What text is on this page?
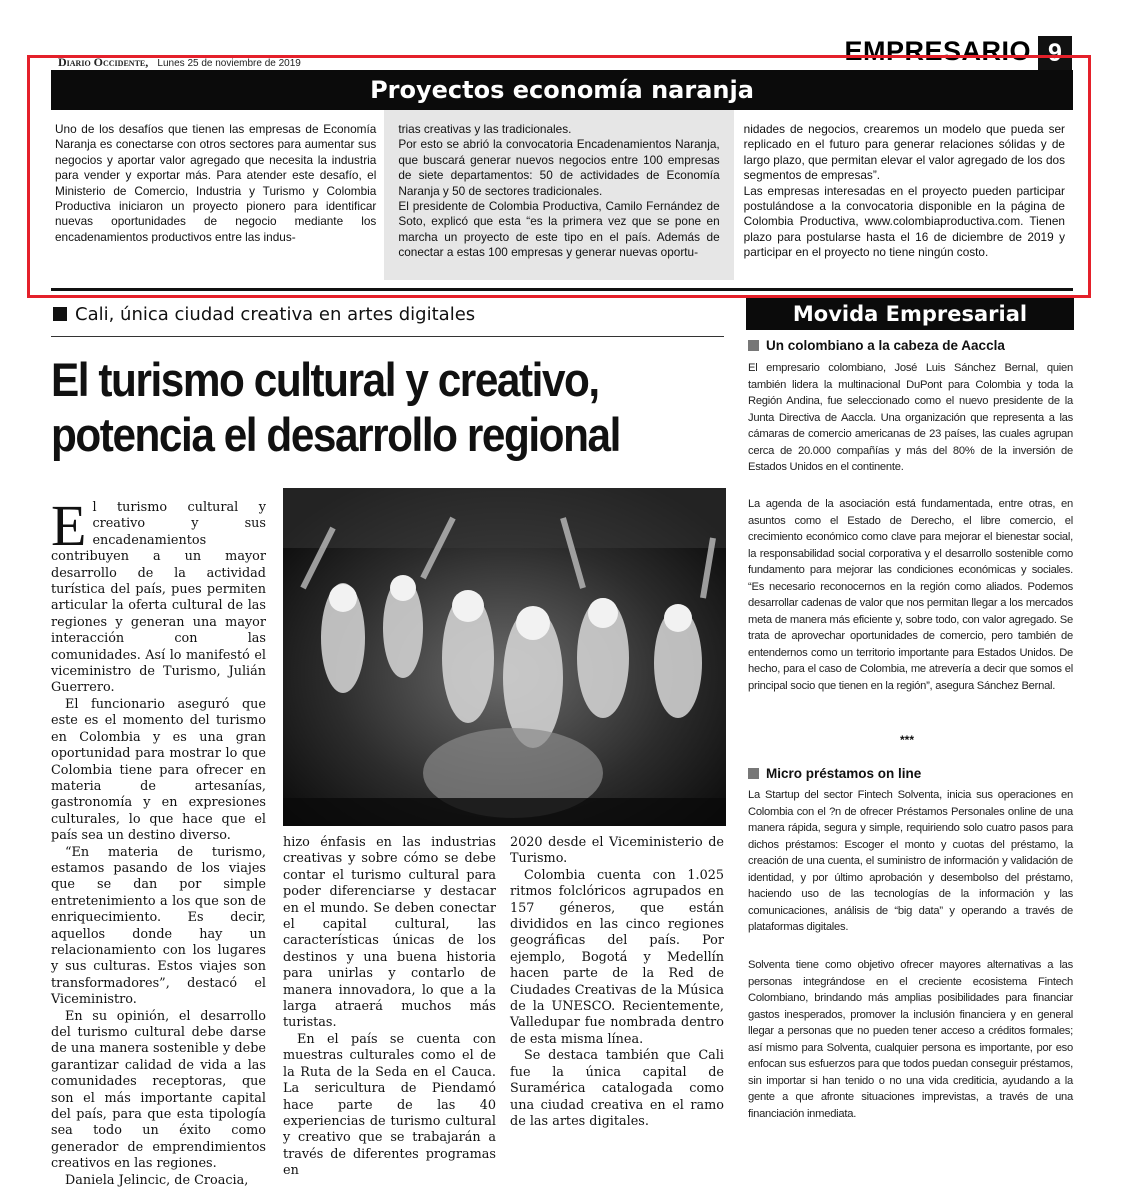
Diario Occidente, Lunes 25 de noviembre de 2019	EMPRESARIO 9
Proyectos economía naranja

Uno de los desafíos que tienen las empresas de Economía Naranja es conectarse con otros sectores para aumentar sus negocios y aportar valor agregado que necesita la industria para vender y exportar más. Para atender este desafío, el Ministerio de Comercio, Industria y Turismo y Colombia Productiva iniciaron un proyecto pionero para identificar nuevas oportunidades de negocio mediante los encadenamientos productivos entre las indus-

trias creativas y las tradicionales.

Por esto se abrió la convocatoria Encadenamientos Naranja, que buscará generar nuevos negocios entre 100 empresas de siete departamentos: 50 de actividades de Economía Naranja y 50 de sectores tradicionales.

El presidente de Colombia Productiva, Camilo Fernández de Soto, explicó que esta “es la primera vez que se pone en marcha un proyecto de este tipo en el país. Además de conectar a estas 100 empresas y generar nuevas oportu-

nidades de negocios, crearemos un modelo que pueda ser replicado en el futuro para generar relaciones sólidas y de largo plazo, que permitan elevar el valor agregado de los dos segmentos de empresas”.

Las empresas interesadas en el proyecto pueden participar postulándose a la convocatoria disponible en la página de Colombia Productiva, www.colombiaproductiva.com. Tienen plazo para postularse hasta el 16 de diciembre de 2019 y participar en el proyecto no tiene ningún costo.

Cali, única ciudad creativa en artes digitales
El turismo cultural y creativo,
potencia el desarrollo regional

El turismo cultural y creativo y sus encadenamientos contribuyen a un mayor desarrollo de la actividad turística del país, pues permiten articular la oferta cultural de las regiones y generan una mayor interacción con las comunidades. Así lo manifestó el viceministro de Turismo, Julián Guerrero.

El funcionario aseguró que este es el momento del turismo en Colombia y es una gran oportunidad para mostrar lo que Colombia tiene para ofrecer en materia de artesanías, gastronomía y en expresiones culturales, lo que hace que el país sea un destino diverso.

“En materia de turismo, estamos pasando de los viajes que se dan por simple entretenimiento a los que son de enriquecimiento. Es decir, aquellos donde hay un relacionamiento con los lugares y sus culturas. Estos viajes son transformadores”, destacó el Viceministro.

En su opinión, el desarrollo del turismo cultural debe darse de una manera sostenible y debe garantizar calidad de vida a las comunidades receptoras, que son el más importante capital del país, para que esta tipología sea todo un éxito como generador de emprendimientos creativos en las regiones.

Daniela Jelincic, de Croacia,

hizo énfasis en las industrias creativas y sobre cómo se debe contar el turismo cultural para poder diferenciarse y destacar en el mundo. Se deben conectar el capital cultural, las características únicas de los destinos y una buena historia para unirlas y contarlo de manera innovadora, lo que a la larga atraerá muchos más turistas.

En el país se cuenta con muestras culturales como el de la Ruta de la Seda en el Cauca. La sericultura de Piendamó hace parte de las 40 experiencias de turismo cultural y creativo que se trabajarán a través de diferentes programas en

2020 desde el Viceministerio de Turismo.

Colombia cuenta con 1.025 ritmos folclóricos agrupados en 157 géneros, que están divididos en las cinco regiones geográficas del país. Por ejemplo, Bogotá y Medellín hacen parte de la Red de Ciudades Creativas de la Música de la UNESCO. Recientemente, Valledupar fue nombrada dentro de esta misma línea.

Se destaca también que Cali fue la única capital de Suramérica catalogada como una ciudad creativa en el ramo de las artes digitales.

Movida Empresarial
Un colombiano a la cabeza de Aaccla

El empresario colombiano, José Luis Sánchez Bernal, quien también lidera la multinacional DuPont para Colombia y toda la Región Andina, fue seleccionado como el nuevo presidente de la Junta Directiva de Aaccla. Una organización que representa a las cámaras de comercio americanas de 23 países, las cuales agrupan cerca de 20.000 compañías y más del 80% de la inversión de Estados Unidos en el continente.

La agenda de la asociación está fundamentada, entre otras, en asuntos como el Estado de Derecho, el libre comercio, el crecimiento económico como clave para mejorar el bienestar social, la responsabilidad social corporativa y el desarrollo sostenible como fundamento para mejorar las condiciones económicas y sociales. “Es necesario reconocernos en la región como aliados. Podemos desarrollar cadenas de valor que nos permitan llegar a los mercados meta de manera más eficiente y, sobre todo, con valor agregado. Se trata de aprovechar oportunidades de comercio, pero también de entendernos como un territorio importante para Estados Unidos. De hecho, para el caso de Colombia, me atrevería a decir que somos el principal socio que tienen en la región”, asegura Sánchez Bernal.

***
Micro préstamos on line

La Startup del sector Fintech Solventa, inicia sus operaciones en Colombia con el ?n de ofrecer Préstamos Personales online de una manera rápida, segura y simple, requiriendo solo cuatro pasos para dichos préstamos: Escoger el monto y cuotas del préstamo, la creación de una cuenta, el suministro de información y validación de identidad, y por último aprobación y desembolso del préstamo, haciendo uso de las tecnologías de la información y las comunicaciones, análisis de “big data” y operando a través de plataformas digitales.

Solventa tiene como objetivo ofrecer mayores alternativas a las personas integrándose en el creciente ecosistema Fintech Colombiano, brindando más amplias posibilidades para financiar gastos inesperados, promover la inclusión financiera y en general llegar a personas que no pueden tener acceso a créditos formales; así mismo para Solventa, cualquier persona es importante, por eso enfocan sus esfuerzos para que todos puedan conseguir préstamos, sin importar si han tenido o no una vida crediticia, ayudando a la gente a que afronte situaciones imprevistas, a través de una financiación inmediata.
